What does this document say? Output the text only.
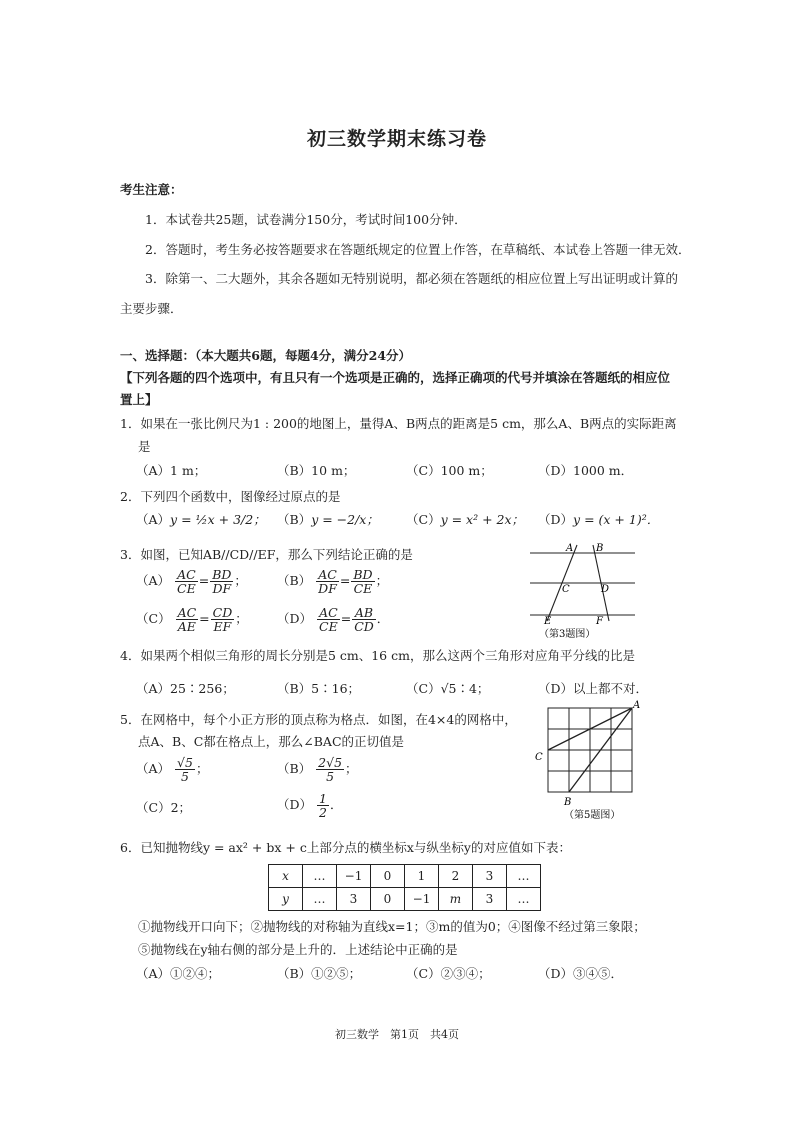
初三数学期末练习卷
考生注意：
1．本试卷共25题，试卷满分150分，考试时间100分钟．
2．答题时，考生务必按答题要求在答题纸规定的位置上作答，在草稿纸、本试卷上答题一律无效．
3．除第一、二大题外，其余各题如无特别说明，都必须在答题纸的相应位置上写出证明或计算的
主要步骤．
一、选择题：（本大题共6题，每题4分，满分24分）
【下列各题的四个选项中，有且只有一个选项是正确的，选择正确项的代号并填涂在答题纸的相应位
置上】
1．如果在一张比例尺为1 : 200的地图上，量得A、B两点的距离是5 cm，那么A、B两点的实际距离
是
（A）1 m；	（B）10 m；	（C）100 m；	（D）1000 m．
2．下列四个函数中，图像经过原点的是
（A）y = ½x + 3/2； （B）y = −2/x； （C）y = x² + 2x； （D）y = (x + 1)²．
3．如图，已知AB//CD//EF，那么下列结论正确的是
$(A) \frac{AC}{CE} = \frac{BD}{DF}$ ； $(B) \frac{AC}{DF} = \frac{BD}{CE}$ ；
$(C) \frac{AC}{AE} = \frac{CD}{EF}$ ； $(D) \frac{AC}{CE} = \frac{AB}{CD}$ ．
A B
C	D
E	F
（第3题图）
4．如果两个相似三角形的周长分别是5 cm、16 cm，那么这两个三角形对应角平分线的比是
（A）25∶256；	（B）5∶16；	（C）√5∶4；	（D）以上都不对．
5．在网格中，每个小正方形的顶点称为格点．如图，在4×4的网格中，
点A、B、C都在格点上，那么∠BAC的正切值是
$(A) \frac{√5}{5}$ ；	$(B) \frac{2√5}{5}$ ；
（C）2；	$(D) \frac{1}{2}$ ．
A
B
C
（第5题图）
6．已知抛物线y = ax² + bx + c上部分点的横坐标x与纵坐标y的对应值如下表：
x	…	−1	0	1	2	3	…
y	…	3	0	−1	m	3	…
①抛物线开口向下；②抛物线的对称轴为直线x=1；③m的值为0；④图像不经过第三象限；
⑤抛物线在y轴右侧的部分是上升的．上述结论中正确的是
（A）①②④；	（B）①②⑤；	（C）②③④；	（D）③④⑤．
初三数学　第1页　共4页
